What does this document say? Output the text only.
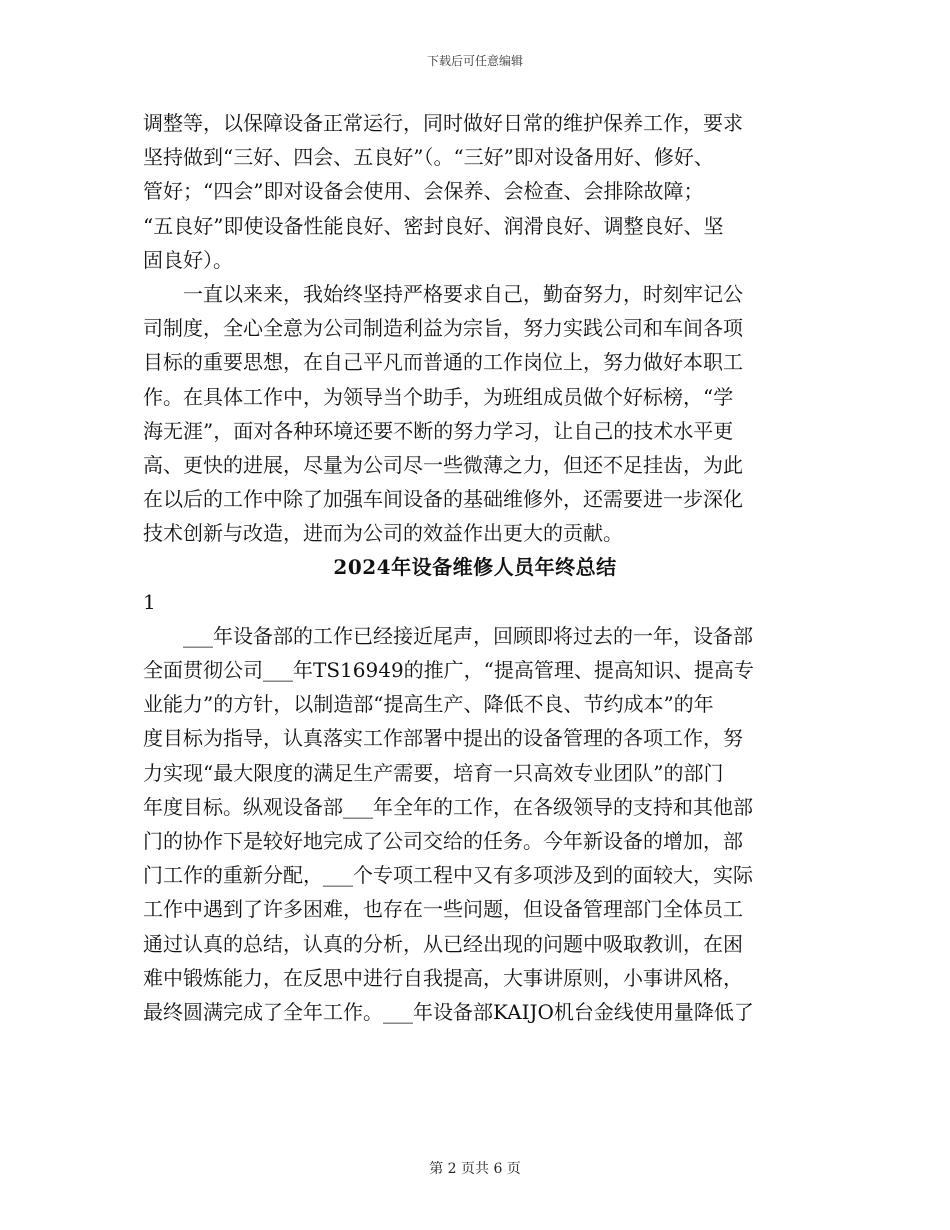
下载后可任意编辑
调整等，以保障设备正常运行，同时做好日常的维护保养工作，要求
坚持做到“三好、四会、五良好”（。“三好”即对设备用好、修好、
管好；“四会”即对设备会使用、会保养、会检查、会排除故障；
“五良好”即使设备性能良好、密封良好、润滑良好、调整良好、坚
固良好）。
一直以来来，我始终坚持严格要求自己，勤奋努力，时刻牢记公
司制度，全心全意为公司制造利益为宗旨，努力实践公司和车间各项
目标的重要思想，在自己平凡而普通的工作岗位上，努力做好本职工
作。在具体工作中，为领导当个助手，为班组成员做个好标榜，“学
海无涯”，面对各种环境还要不断的努力学习，让自己的技术水平更
高、更快的进展，尽量为公司尽一些微薄之力，但还不足挂齿，为此
在以后的工作中除了加强车间设备的基础维修外，还需要进一步深化
技术创新与改造，进而为公司的效益作出更大的贡献。
2024年设备维修人员年终总结
1
___年设备部的工作已经接近尾声，回顾即将过去的一年，设备部
全面贯彻公司___年TS16949的推广，“提高管理、提高知识、提高专
业能力”的方针，以制造部“提高生产、降低不良、节约成本”的年
度目标为指导，认真落实工作部署中提出的设备管理的各项工作，努
力实现“最大限度的满足生产需要，培育一只高效专业团队”的部门
年度目标。纵观设备部___年全年的工作，在各级领导的支持和其他部
门的协作下是较好地完成了公司交给的任务。今年新设备的增加，部
门工作的重新分配，___个专项工程中又有多项涉及到的面较大，实际
工作中遇到了许多困难，也存在一些问题，但设备管理部门全体员工
通过认真的总结，认真的分析，从已经出现的问题中吸取教训，在困
难中锻炼能力，在反思中进行自我提高，大事讲原则，小事讲风格，
最终圆满完成了全年工作。___年设备部KAIJO机台金线使用量降低了
第 2 页共 6 页
